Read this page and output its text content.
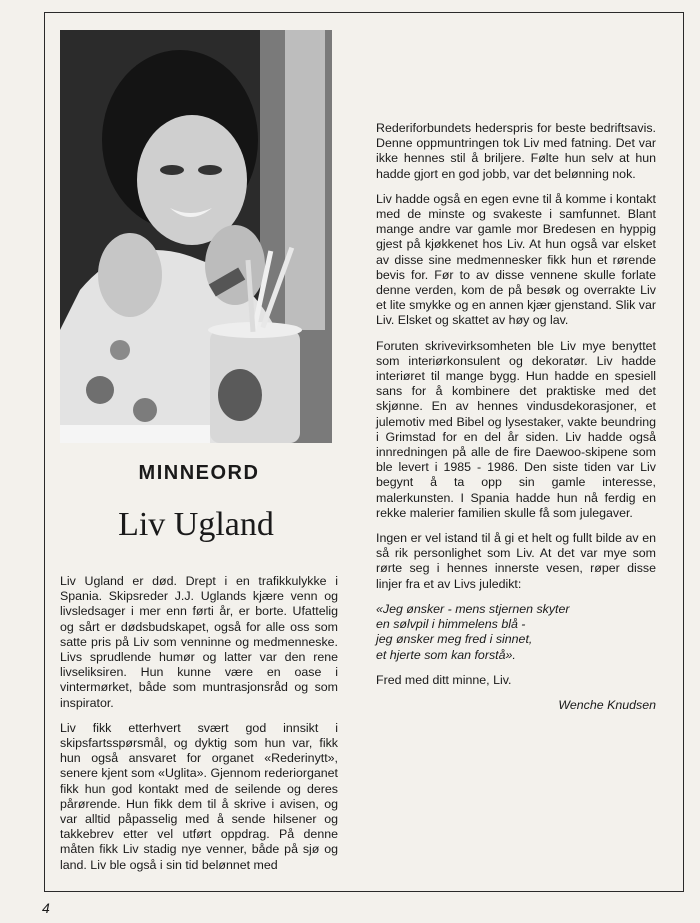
MINNEORD
Liv Ugland

Liv Ugland er død. Drept i en trafikkulykke i Spania. Skipsreder J.J. Uglands kjære venn og livsledsager i mer enn førti år, er borte. Ufattelig og sårt er dødsbudskapet, også for alle oss som satte pris på Liv som venninne og medmenneske. Livs sprudlende humør og latter var den rene livseliksiren. Hun kunne være en oase i vintermørket, både som muntrasjonsråd og som inspirator.

Liv fikk etterhvert svært god innsikt i skipsfartsspørsmål, og dyktig som hun var, fikk hun også ansvaret for organet «Rederinytt», senere kjent som «Uglita». Gjennom rederiorganet fikk hun god kontakt med de seilende og deres pårørende. Hun fikk dem til å skrive i avisen, og var alltid påpasselig med å sende hilsener og takkebrev etter vel utført oppdrag. På denne måten fikk Liv stadig nye venner, både på sjø og land. Liv ble også i sin tid belønnet med

Rederiforbundets hederspris for beste bedriftsavis. Denne oppmuntringen tok Liv med fatning. Det var ikke hennes stil å briljere. Følte hun selv at hun hadde gjort en god jobb, var det belønning nok.

Liv hadde også en egen evne til å komme i kontakt med de minste og svakeste i samfunnet. Blant mange andre var gamle mor Bredesen en hyppig gjest på kjøkkenet hos Liv. At hun også var elsket av disse sine medmennesker fikk hun et rørende bevis for. Før to av disse vennene skulle forlate denne verden, kom de på besøk og overrakte Liv et lite smykke og en annen kjær gjenstand. Slik var Liv. Elsket og skattet av høy og lav.

Foruten skrivevirksomheten ble Liv mye benyttet som interiørkonsulent og dekoratør. Liv hadde interiøret til mange bygg. Hun hadde en spesiell sans for å kombinere det praktiske med det skjønne. En av hennes vindusdekorasjoner, et julemotiv med Bibel og lysestaker, vakte beundring i Grimstad for en del år siden. Liv hadde også innredningen på alle de fire Daewoo-skipene som ble levert i 1985 - 1986. Den siste tiden var Liv begynt å ta opp sin gamle interesse, malerkunsten. I Spania hadde hun nå ferdig en rekke malerier familien skulle få som julegaver.

Ingen er vel istand til å gi et helt og fullt bilde av en så rik personlighet som Liv. At det var mye som rørte seg i hennes innerste vesen, røper disse linjer fra et av Livs juledikt:

«Jeg ønsker - mens stjernen skyter
en sølvpil i himmelens blå -
jeg ønsker meg fred i sinnet,
et hjerte som kan forstå».

Fred med ditt minne, Liv.

Wenche Knudsen

4
